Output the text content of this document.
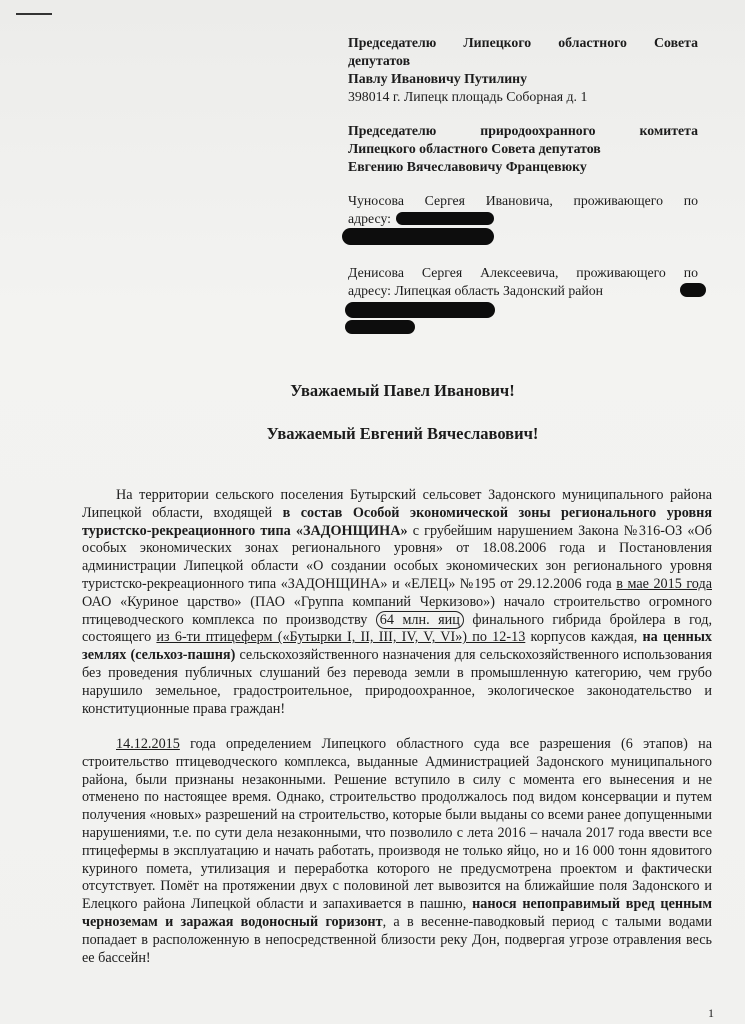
Председателю Липецкого областного Совета
депутатов
Павлу Ивановичу Путилину
398014 г. Липецк площадь Соборная д. 1
Председателю природоохранного комитета
Липецкого областного Совета депутатов
Евгению Вячеславовичу Францевюку
Чуносова Сергея Ивановича, проживающего по
адресу:
Денисова Сергея Алексеевича, проживающего по
адресу: Липецкая область Задонский район
Уважаемый Павел Иванович!
Уважаемый Евгений Вячеславович!

На территории сельского поселения Бутырский сельсовет Задонского муниципального района Липецкой области, входящей в состав Особой экономической зоны регионального уровня туристско-рекреационного типа «ЗАДОНЩИНА» с грубейшим нарушением Закона №316-ОЗ «Об особых экономических зонах регионального уровня» от 18.08.2006 года и Постановления администрации Липецкой области «О создании особых экономических зон регионального уровня туристско-рекреационного типа «ЗАДОНЩИНА» и «ЕЛЕЦ» №195 от 29.12.2006 года в мае 2015 года ОАО «Куриное царство» (ПАО «Группа компаний Черкизово») начало строительство огромного птицеводческого комплекса по производству 64 млн. яиц финального гибрида бройлера в год, состоящего из 6-ти птицеферм («Бутырки I, II, III, IV, V, VI») по 12-13 корпусов каждая, на ценных землях (сельхоз-пашня) сельскохозяйственного назначения для сельскохозяйственного использования без проведения публичных слушаний без перевода земли в промышленную категорию, чем грубо нарушило земельное, градостроительное, природоохранное, экологическое законодательство и конституционные права граждан!

14.12.2015 года определением Липецкого областного суда все разрешения (6 этапов) на строительство птицеводческого комплекса, выданные Администрацией Задонского муниципального района, были признаны незаконными. Решение вступило в силу с момента его вынесения и не отменено по настоящее время. Однако, строительство продолжалось под видом консервации и путем получения «новых» разрешений на строительство, которые были выданы со всеми ранее допущенными нарушениями, т.е. по сути дела незаконными, что позволило с лета 2016 – начала 2017 года ввести все птицефермы в эксплуатацию и начать работать, производя не только яйцо, но и 16 000 тонн ядовитого куриного помета, утилизация и переработка которого не предусмотрена проектом и фактически отсутствует. Помёт на протяжении двух с половиной лет вывозится на ближайшие поля Задонского и Елецкого района Липецкой области и запахивается в пашню, нанося непоправимый вред ценным черноземам и заражая водоносный горизонт, а в весенне-паводковый период с талыми водами попадает в расположенную в непосредственной близости реку Дон, подвергая угрозе отравления весь ее бассейн!

1
